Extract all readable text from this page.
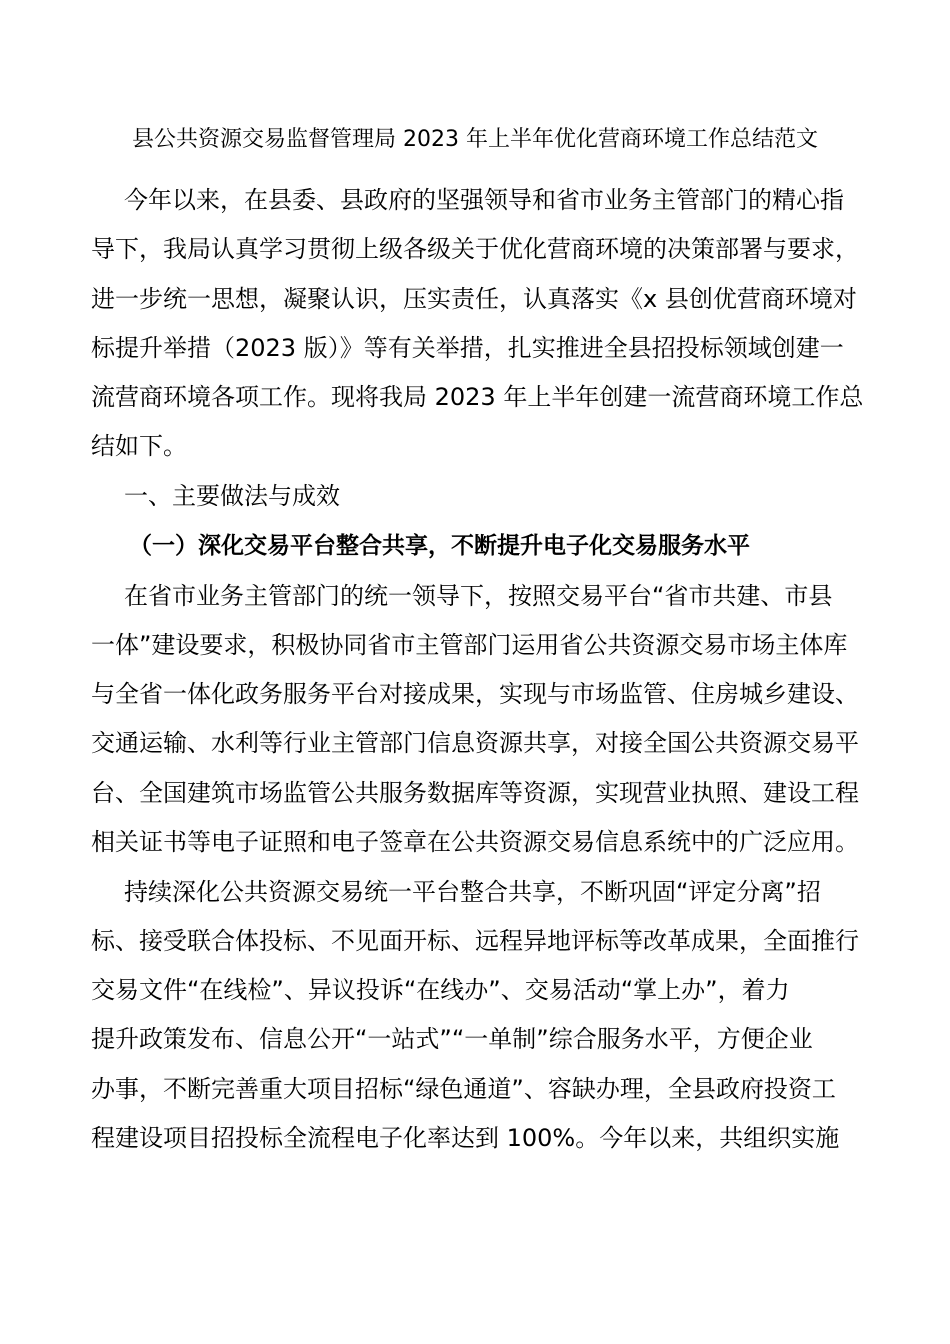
县公共资源交易监督管理局 2023 年上半年优化营商环境工作总结范文
今年以来，在县委、县政府的坚强领导和省市业务主管部门的精心指
导下，我局认真学习贯彻上级各级关于优化营商环境的决策部署与要求，
进一步统一思想，凝聚认识，压实责任，认真落实《x 县创优营商环境对
标提升举措（2023 版）》等有关举措，扎实推进全县招投标领域创建一
流营商环境各项工作。现将我局 2023 年上半年创建一流营商环境工作总
结如下。
一、主要做法与成效
（一）深化交易平台整合共享，不断提升电子化交易服务水平
在省市业务主管部门的统一领导下，按照交易平台“省市共建、市县
一体”建设要求，积极协同省市主管部门运用省公共资源交易市场主体库
与全省一体化政务服务平台对接成果，实现与市场监管、住房城乡建设、
交通运输、水利等行业主管部门信息资源共享，对接全国公共资源交易平
台、全国建筑市场监管公共服务数据库等资源，实现营业执照、建设工程
相关证书等电子证照和电子签章在公共资源交易信息系统中的广泛应用。
持续深化公共资源交易统一平台整合共享，不断巩固“评定分离”招
标、接受联合体投标、不见面开标、远程异地评标等改革成果，全面推行
交易文件“在线检”、异议投诉“在线办”、交易活动“掌上办”，着力
提升政策发布、信息公开“一站式”“一单制”综合服务水平，方便企业
办事，不断完善重大项目招标“绿色通道”、容缺办理，全县政府投资工
程建设项目招投标全流程电子化率达到 100%。今年以来，共组织实施
